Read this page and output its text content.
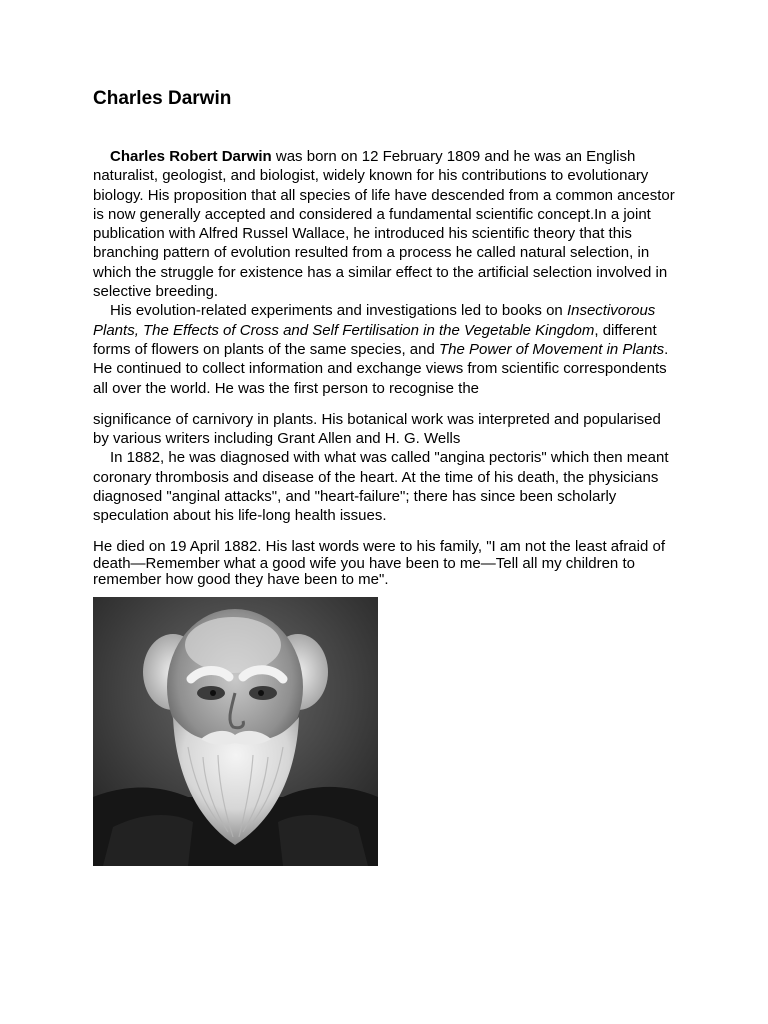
Charles Darwin

Charles Robert Darwin was born on 12 February 1809 and he was an English naturalist, geologist, and biologist, widely known for his contributions to evolutionary biology. His proposition that all species of life have descended from a common ancestor is now generally accepted and considered a fundamental scientific concept.In a joint publication with Alfred Russel Wallace, he introduced his scientific theory that this branching pattern of evolution resulted from a process he called natural selection, in which the struggle for existence has a similar effect to the artificial selection involved in selective breeding.

His evolution-related experiments and investigations led to books on Insectivorous Plants, The Effects of Cross and Self Fertilisation in the Vegetable Kingdom, different forms of flowers on plants of the same species, and The Power of Movement in Plants. He continued to collect information and exchange views from scientific correspondents all over the world. He was the first person to recognise the

significance of carnivory in plants. His botanical work was interpreted and popularised by various writers including Grant Allen and H. G. Wells

In 1882, he was diagnosed with what was called "angina pectoris" which then meant coronary thrombosis and disease of the heart. At the time of his death, the physicians diagnosed "anginal attacks", and "heart-failure"; there has since been scholarly speculation about his life-long health issues.

He died on 19 April 1882. His last words were to his family, "I am not the least afraid of death—Remember what a good wife you have been to me—Tell all my children to remember how good they have been to me".
